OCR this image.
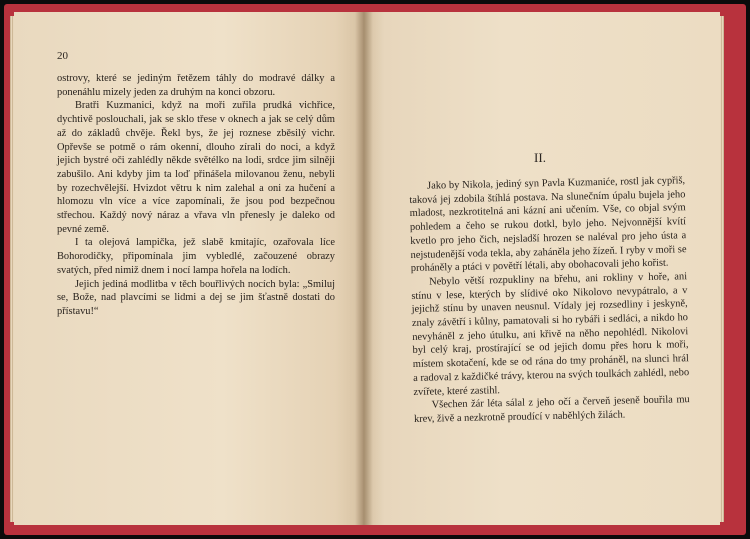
20

ostrovy, které se jediným řetězem táhly do modravé dálky a ponenáhlu mizely jeden za druhým na konci obzoru.

Bratři Kuzmanici, když na moři zuřila prudká vichřice, dychtivě poslouchali, jak se sklo třese v oknech a jak se celý dům až do základů chvěje. Řekl bys, že jej roznese zběsilý vichr. Opřevše se potmě o rám okenní, dlouho zírali do noci, a když jejich bystré oči zahlédly někde světélko na lodi, srdce jim silněji zabušilo. Ani kdyby jim ta loď přinášela milovanou ženu, nebyli by rozechvělejší. Hvizdot větru k nim zalehal a oni za hučení a hlomozu vln více a více zapomínali, že jsou pod bezpečnou střechou. Každý nový náraz a vřava vln přenesly je daleko od pevné země.

I ta olejová lampička, jež slabě kmitajíc, ozařovala líce Bohorodičky, připomínala jim vybledlé, začouzené obrazy svatých, před nimiž dnem i nocí lampa hořela na lodích.

Jejich jediná modlitba v těch bouřlivých nocích byla: „Smiluj se, Bože, nad plavcími se lidmi a dej se jim šťastně dostati do přístavu!“

II.

Jako by Nikola, jediný syn Pavla Kuzmaniće, rostl jak cypřiš, taková jej zdobila štíhlá postava. Na slunečním úpalu bujela jeho mladost, nezkrotitelná ani kázní ani učením. Vše, co objal svým pohledem a čeho se rukou dotkl, bylo jeho. Nejvonnější kvítí kvetlo pro jeho čich, nejsladší hrozen se naléval pro jeho ústa a nejstudenější voda tekla, aby zaháněla jeho žízeň. I ryby v moři se proháněly a ptáci v povětří létali, aby obohacovali jeho kořist.

Nebylo větší rozpukliny na břehu, ani rokliny v hoře, ani stínu v lese, kterých by slídivé oko Nikolovo nevypátralo, a v jejichž stínu by unaven neusnul. Vídaly jej rozsedliny i jeskyně, znaly závětří i kůlny, pamatovali si ho rybáři i sedláci, a nikdo ho nevyháněl z jeho útulku, ani křivě na něho nepohlédl. Nikolovi byl celý kraj, prostírající se od jejich domu přes horu k moři, místem skotačení, kde se od rána do tmy proháněl, na slunci hrál a radoval z každičké trávy, kterou na svých toulkách zahlédl, nebo zvířete, které zastihl.

Všechen žár léta sálal z jeho očí a červeň jeseně bouřila mu krev, živě a nezkrotně proudící v naběhlých žilách.
